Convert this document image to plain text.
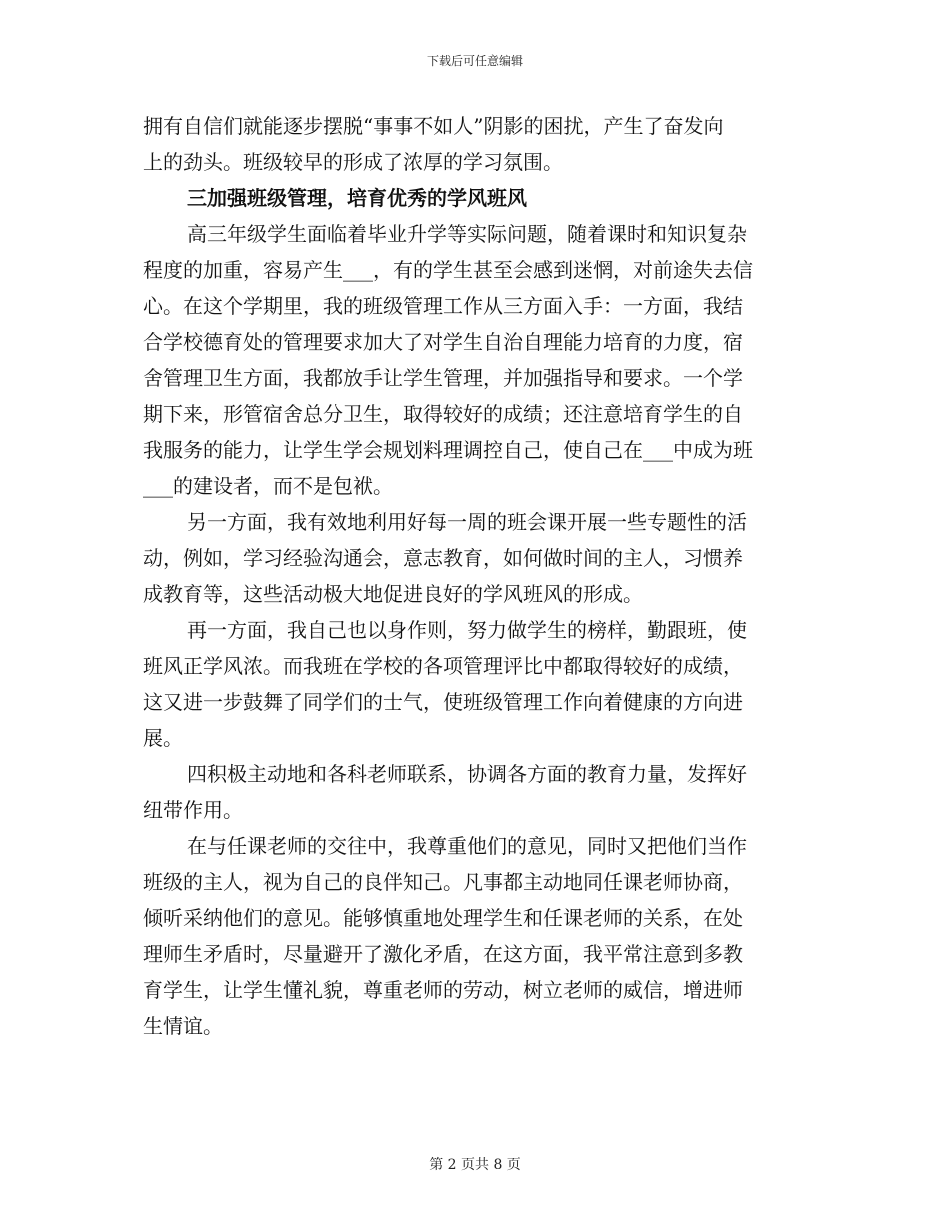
下载后可任意编辑
拥有自信们就能逐步摆脱“事事不如人”阴影的困扰，产生了奋发向
上的劲头。班级较早的形成了浓厚的学习氛围。
三加强班级管理，培育优秀的学风班风
高三年级学生面临着毕业升学等实际问题，随着课时和知识复杂
程度的加重，容易产生___，有的学生甚至会感到迷惘，对前途失去信
心。在这个学期里，我的班级管理工作从三方面入手：一方面，我结
合学校德育处的管理要求加大了对学生自治自理能力培育的力度，宿
舍管理卫生方面，我都放手让学生管理，并加强指导和要求。一个学
期下来，形管宿舍总分卫生，取得较好的成绩；还注意培育学生的自
我服务的能力，让学生学会规划料理调控自己，使自己在___中成为班
___的建设者，而不是包袱。
另一方面，我有效地利用好每一周的班会课开展一些专题性的活
动，例如，学习经验沟通会，意志教育，如何做时间的主人，习惯养
成教育等，这些活动极大地促进良好的学风班风的形成。
再一方面，我自己也以身作则，努力做学生的榜样，勤跟班，使
班风正学风浓。而我班在学校的各项管理评比中都取得较好的成绩，
这又进一步鼓舞了同学们的士气，使班级管理工作向着健康的方向进
展。
四积极主动地和各科老师联系，协调各方面的教育力量，发挥好
纽带作用。
在与任课老师的交往中，我尊重他们的意见，同时又把他们当作
班级的主人，视为自己的良伴知己。凡事都主动地同任课老师协商，
倾听采纳他们的意见。能够慎重地处理学生和任课老师的关系，在处
理师生矛盾时，尽量避开了激化矛盾，在这方面，我平常注意到多教
育学生，让学生懂礼貌，尊重老师的劳动，树立老师的威信，增进师
生情谊。
第 2 页共 8 页
